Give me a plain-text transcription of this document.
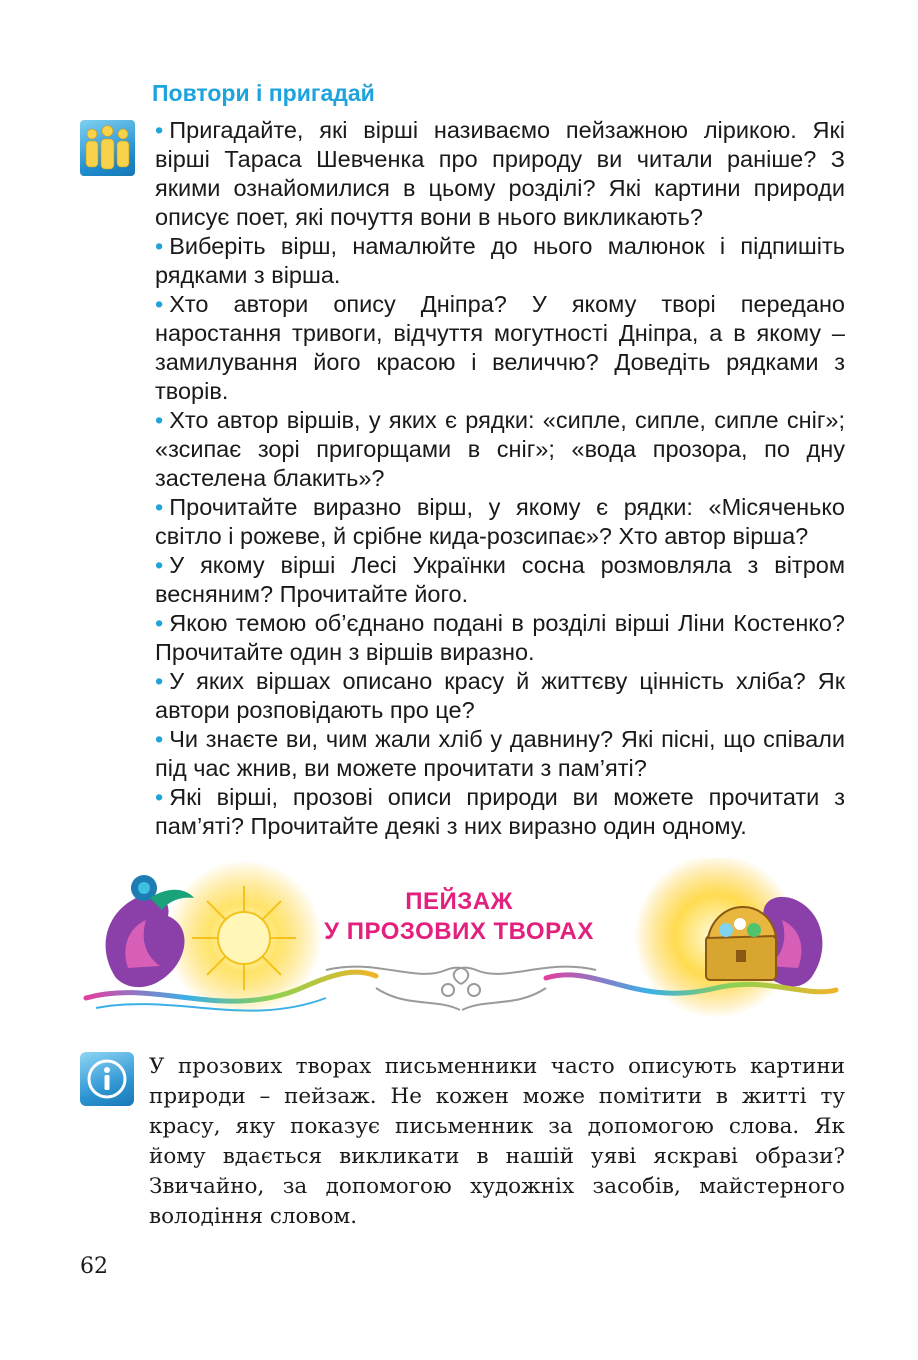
Повтори і пригадай
• Пригадайте, які вірші називаємо пейзажною лірикою. Які вірші Тараса Шевченка про природу ви читали раніше? З якими ознайомилися в цьому розділі? Які картини природи описує поет, які почуття вони в нього викликають?
• Виберіть вірш, намалюйте до нього малюнок і підпишіть рядками з вірша.
• Хто автори опису Дніпра? У якому творі передано наростання тривоги, відчуття могутності Дніпра, а в якому – замилування його красою і величчю? Доведіть рядками з творів.
• Хто автор віршів, у яких є рядки: «сипле, сипле, сипле сніг»; «зсипає зорі пригорщами в сніг»; «вода прозора, по дну застелена блакить»?
• Прочитайте виразно вірш, у якому є рядки: «Місяченько світло і рожеве, й срібне кида-розсипає»? Хто автор вірша?
• У якому вірші Лесі Українки сосна розмовляла з вітром весняним? Прочитайте його.
• Якою темою об’єднано подані в розділі вірші Ліни Костенко? Прочитайте один з віршів виразно.
• У яких віршах описано красу й життєву цінність хліба? Як автори розповідають про це?
• Чи знаєте ви, чим жали хліб у давнину? Які пісні, що співали під час жнив, ви можете прочитати з пам’яті?
• Які вірші, прозові описи природи ви можете прочитати з пам’яті? Прочитайте деякі з них виразно один одному.

ПЕЙЗАЖ

У ПРОЗОВИХ ТВОРАХ

У прозових творах письменники часто описують картини природи – пейзаж. Не кожен може помітити в житті ту красу, яку показує письменник за допомогою слова. Як йому вдається викликати в нашій уяві яскраві образи? Звичайно, за допомогою художніх засобів, майстерного володіння словом.

62
